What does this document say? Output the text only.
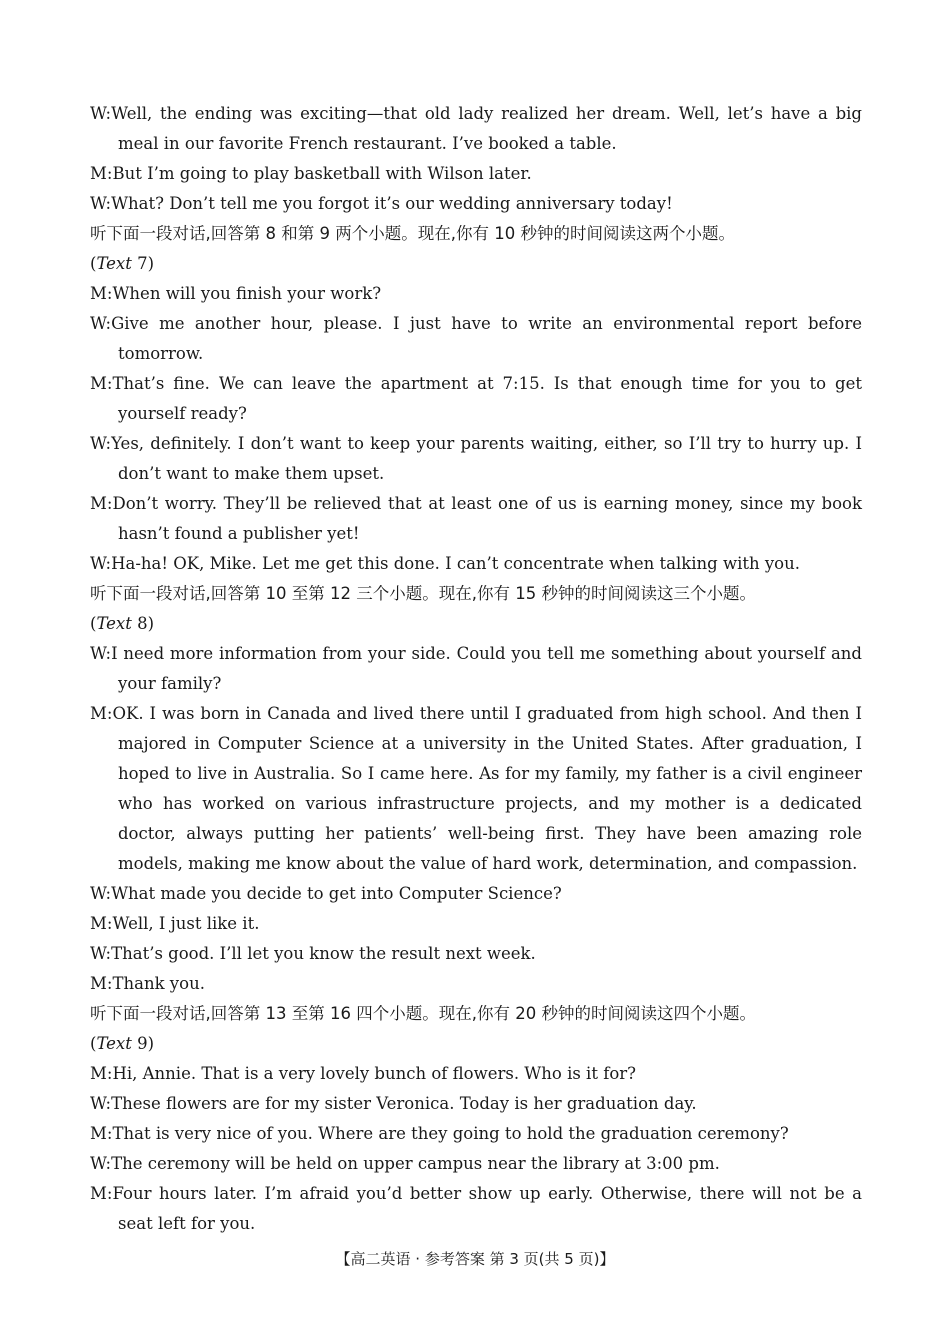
W:Well, the ending was exciting—that old lady realized her dream. Well, let’s have a big meal in our favorite French restaurant. I’ve booked a table.
M:But I’m going to play basketball with Wilson later.
W:What? Don’t tell me you forgot it’s our wedding anniversary today!
听下面一段对话,回答第 8 和第 9 两个小题。现在,你有 10 秒钟的时间阅读这两个小题。
(Text 7)
M:When will you finish your work?
W:Give me another hour, please. I just have to write an environmental report before tomorrow.
M:That’s fine. We can leave the apartment at 7:15. Is that enough time for you to get yourself ready?
W:Yes, definitely. I don’t want to keep your parents waiting, either, so I’ll try to hurry up. I don’t want to make them upset.
M:Don’t worry. They’ll be relieved that at least one of us is earning money, since my book hasn’t found a publisher yet!
W:Ha-ha! OK, Mike. Let me get this done. I can’t concentrate when talking with you.
听下面一段对话,回答第 10 至第 12 三个小题。现在,你有 15 秒钟的时间阅读这三个小题。
(Text 8)
W:I need more information from your side. Could you tell me something about yourself and your family?
M:OK. I was born in Canada and lived there until I graduated from high school. And then I majored in Computer Science at a university in the United States. After graduation, I hoped to live in Australia. So I came here. As for my family, my father is a civil engineer who has worked on various infrastructure projects, and my mother is a dedicated doctor, always putting her patients’ well-being first. They have been amazing role models, making me know about the value of hard work, determination, and compassion.
W:What made you decide to get into Computer Science?
M:Well, I just like it.
W:That’s good. I’ll let you know the result next week.
M:Thank you.
听下面一段对话,回答第 13 至第 16 四个小题。现在,你有 20 秒钟的时间阅读这四个小题。
(Text 9)
M:Hi, Annie. That is a very lovely bunch of flowers. Who is it for?
W:These flowers are for my sister Veronica. Today is her graduation day.
M:That is very nice of you. Where are they going to hold the graduation ceremony?
W:The ceremony will be held on upper campus near the library at 3:00 pm.
M:Four hours later. I’m afraid you’d better show up early. Otherwise, there will not be a seat left for you.
【高二英语 · 参考答案 第 3 页(共 5 页)】
